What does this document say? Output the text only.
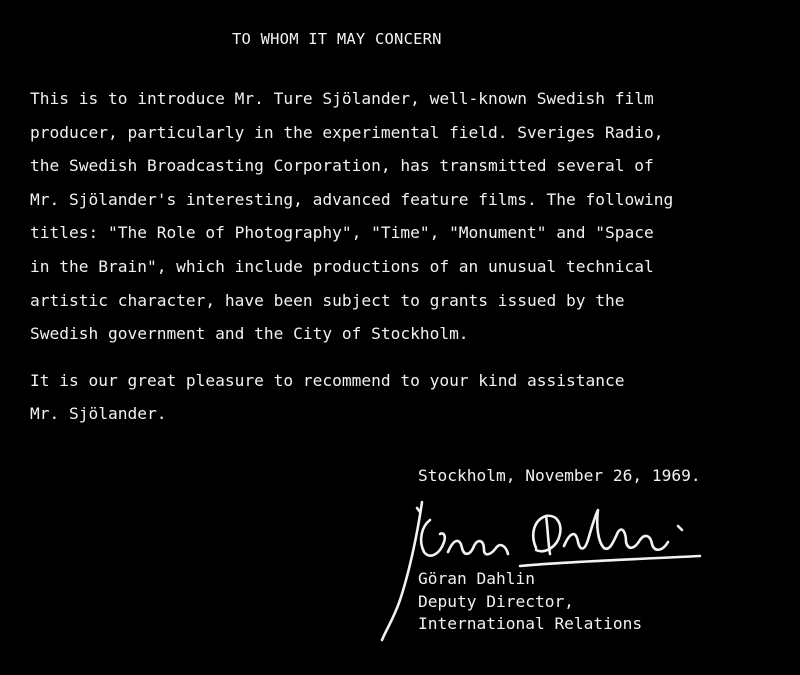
TO WHOM IT MAY CONCERN
This is to introduce Mr. Ture Sjölander, well-known Swedish film
producer, particularly in the experimental field. Sveriges Radio,
the Swedish Broadcasting Corporation, has transmitted several of
Mr. Sjölander's interesting, advanced feature films. The following
titles: "The Role of Photography", "Time", "Monument" and "Space
in the Brain", which include productions of an unusual technical
artistic character, have been subject to grants issued by the
Swedish government and the City of Stockholm.
It is our great pleasure to recommend to your kind assistance
Mr. Sjölander.
Stockholm, November 26, 1969.
Göran Dahlin
Deputy Director,
International Relations
